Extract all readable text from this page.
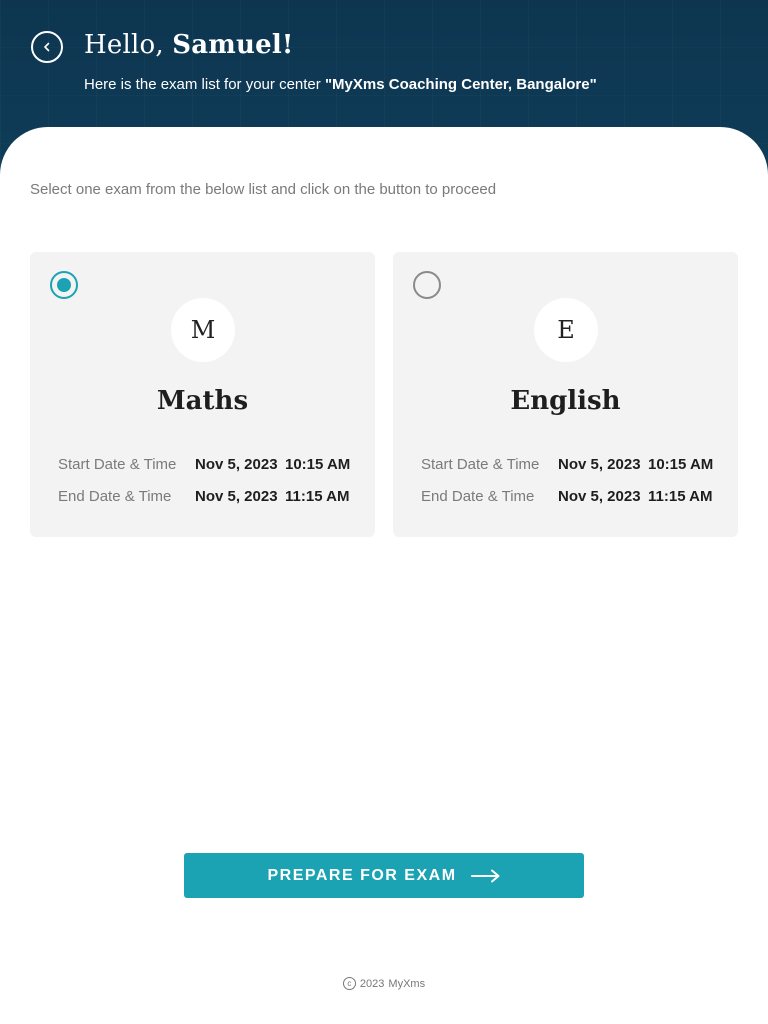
Hello, Samuel!
Here is the exam list for your center "MyXms Coaching Center, Bangalore"

Select one exam from the below list and click on the button to proceed

M
Maths
Start Date & Time Nov 5, 2023 10:15 AM
End Date & Time Nov 5, 2023 11:15 AM
E
English
Start Date & Time Nov 5, 2023 10:15 AM
End Date & Time Nov 5, 2023 11:15 AM
PREPARE FOR EXAM
c 2023 MyXms
